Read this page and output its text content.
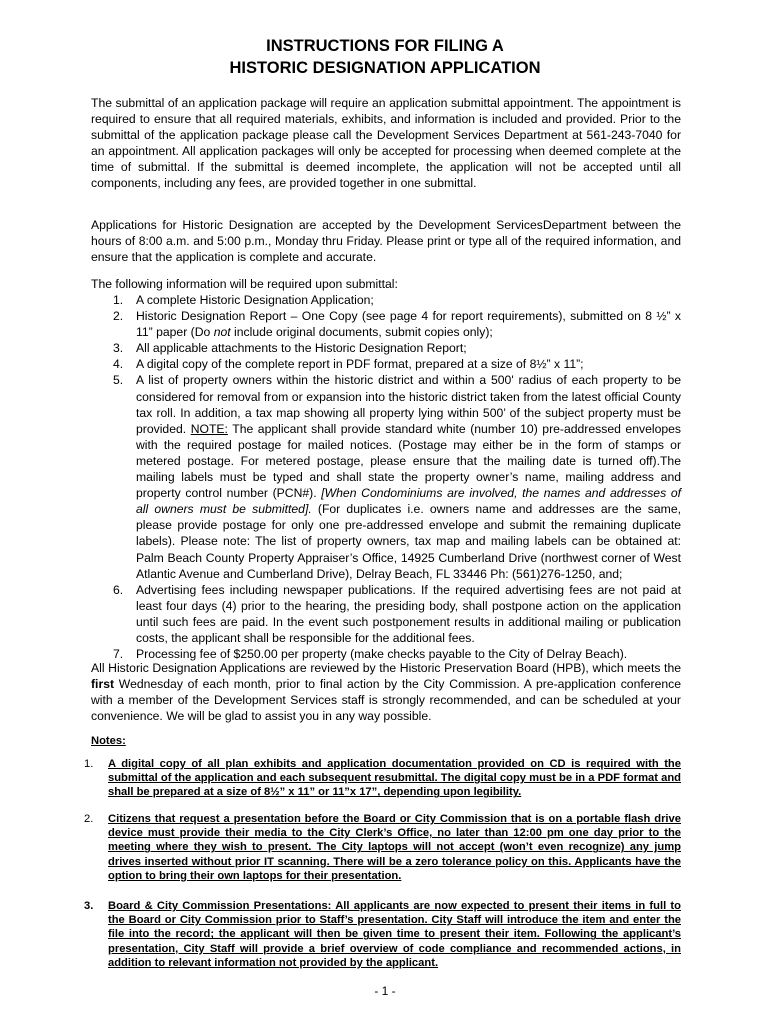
INSTRUCTIONS FOR FILING A
HISTORIC DESIGNATION APPLICATION

The submittal of an application package will require an application submittal appointment. The appointment is required to ensure that all required materials, exhibits, and information is included and provided. Prior to the submittal of the application package please call the Development Services Department at 561-243-7040 for an appointment. All application packages will only be accepted for processing when deemed complete at the time of submittal. If the submittal is deemed incomplete, the application will not be accepted until all components, including any fees, are provided together in one submittal.

Applications for Historic Designation are accepted by the Development ServicesDepartment between the hours of 8:00 a.m. and 5:00 p.m., Monday thru Friday. Please print or type all of the required information, and ensure that the application is complete and accurate.

The following information will be required upon submittal:

1. A complete Historic Designation Application;
2. Historic Designation Report – One Copy (see page 4 for report requirements), submitted on 8 ½” x 11” paper (Do not include original documents, submit copies only);
3. All applicable attachments to the Historic Designation Report;
4. A digital copy of the complete report in PDF format, prepared at a size of 8½” x 11”;
5. A list of property owners within the historic district and within a 500' radius of each property to be considered for removal from or expansion into the historic district taken from the latest official County tax roll. In addition, a tax map showing all property lying within 500’ of the subject property must be provided. NOTE: The applicant shall provide standard white (number 10) pre-addressed envelopes with the required postage for mailed notices. (Postage may either be in the form of stamps or metered postage. For metered postage, please ensure that the mailing date is turned off).The mailing labels must be typed and shall state the property owner’s name, mailing address and property control number (PCN#). [When Condominiums are involved, the names and addresses of all owners must be submitted]. (For duplicates i.e. owners name and addresses are the same, please provide postage for only one pre-addressed envelope and submit the remaining duplicate labels). Please note: The list of property owners, tax map and mailing labels can be obtained at: Palm Beach County Property Appraiser’s Office, 14925 Cumberland Drive (northwest corner of West Atlantic Avenue and Cumberland Drive), Delray Beach, FL 33446 Ph: (561)276-1250, and;
6. Advertising fees including newspaper publications. If the required advertising fees are not paid at least four days (4) prior to the hearing, the presiding body, shall postpone action on the application until such fees are paid. In the event such postponement results in additional mailing or publication costs, the applicant shall be responsible for the additional fees.
7. Processing fee of $250.00 per property (make checks payable to the City of Delray Beach).

All Historic Designation Applications are reviewed by the Historic Preservation Board (HPB), which meets the first Wednesday of each month, prior to final action by the City Commission. A pre-application conference with a member of the Development Services staff is strongly recommended, and can be scheduled at your convenience. We will be glad to assist you in any way possible.

Notes:
1. A digital copy of all plan exhibits and application documentation provided on CD is required with the submittal of the application and each subsequent resubmittal. The digital copy must be in a PDF format and shall be prepared at a size of 8½” x 11” or 11”x 17”, depending upon legibility.
2. Citizens that request a presentation before the Board or City Commission that is on a portable flash drive device must provide their media to the City Clerk’s Office, no later than 12:00 pm one day prior to the meeting where they wish to present. The City laptops will not accept (won’t even recognize) any jump drives inserted without prior IT scanning. There will be a zero tolerance policy on this. Applicants have the option to bring their own laptops for their presentation.
3. Board & City Commission Presentations: All applicants are now expected to present their items in full to the Board or City Commission prior to Staff’s presentation. City Staff will introduce the item and enter the file into the record; the applicant will then be given time to present their item. Following the applicant’s presentation, City Staff will provide a brief overview of code compliance and recommended actions, in addition to relevant information not provided by the applicant.
- 1 -
